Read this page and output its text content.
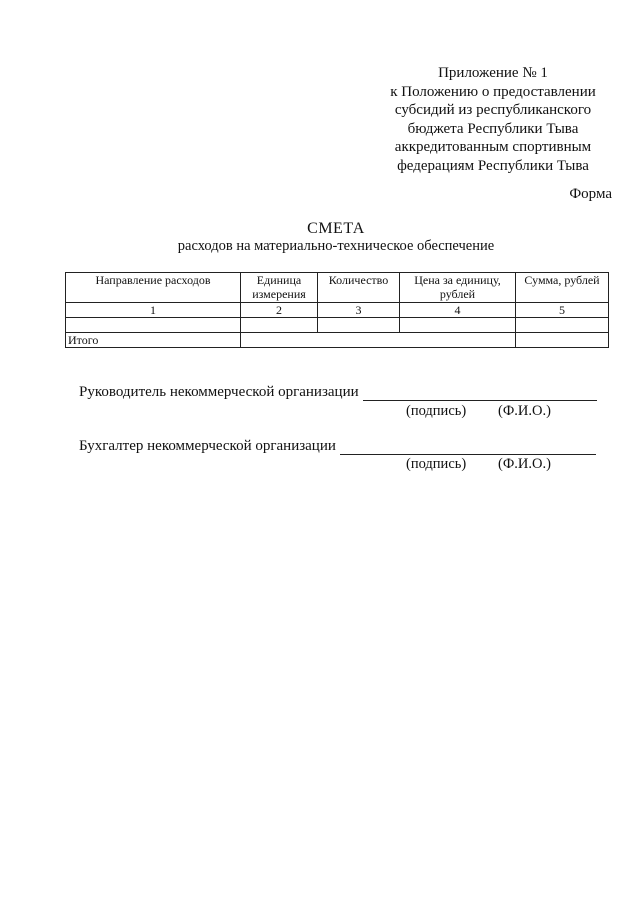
Приложение № 1
к Положению о предоставлении
субсидий из республиканского
бюджета Республики Тыва
аккредитованным спортивным
федерациям Республики Тыва
Форма
СМЕТА
расходов на материально-техническое обеспечение
Направление расходов	Единица измерения	Количество	Цена за единицу, рублей	Сумма, рублей
1	2	3	4	5

Итого				
Руководитель некоммерческой организации
(подпись) (Ф.И.О.)
Бухгалтер некоммерческой организации
(подпись) (Ф.И.О.)
